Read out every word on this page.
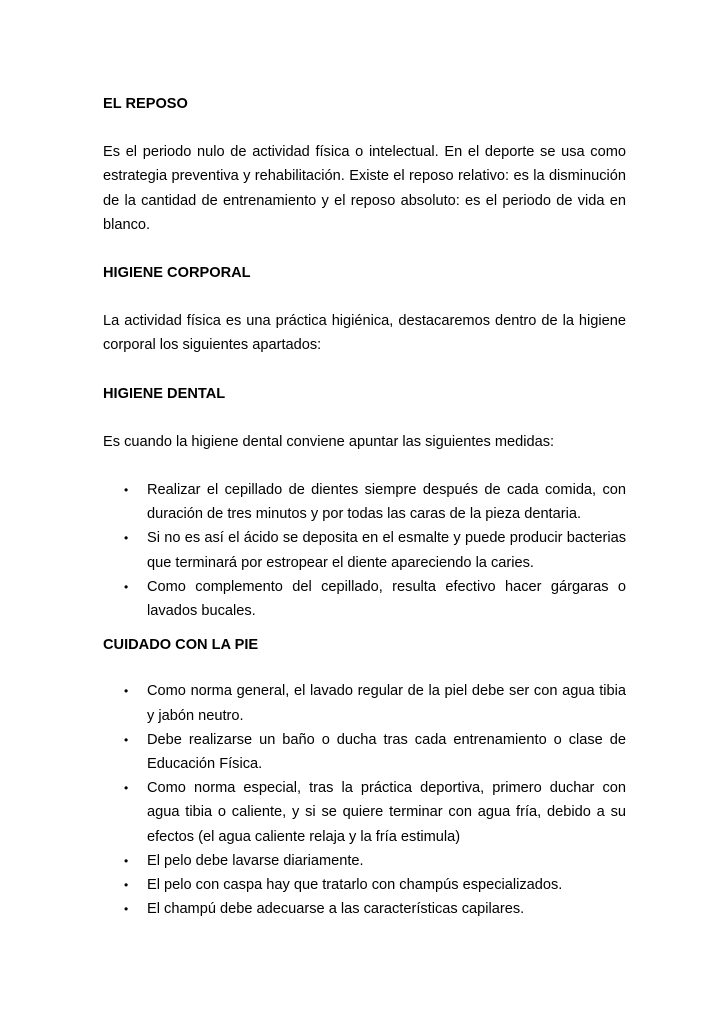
EL REPOSO

Es el periodo nulo de actividad física o intelectual. En el deporte se usa como estrategia preventiva y rehabilitación. Existe el reposo relativo: es la disminución de la cantidad de entrenamiento y el reposo absoluto: es el periodo de vida en blanco.

HIGIENE CORPORAL

La actividad física es una práctica higiénica, destacaremos dentro de la higiene corporal los siguientes apartados:

HIGIENE DENTAL

Es cuando la higiene dental conviene apuntar las siguientes medidas:

• Realizar el cepillado de dientes siempre después de cada comida, con duración de tres minutos y por todas las caras de la pieza dentaria.
• Si no es así el ácido se deposita en el esmalte y puede producir bacterias que terminará por estropear el diente apareciendo la caries.
• Como complemento del cepillado, resulta efectivo hacer gárgaras o lavados bucales.
CUIDADO CON LA PIE
• Como norma general, el lavado regular de la piel debe ser con agua tibia y jabón neutro.
• Debe realizarse un baño o ducha tras cada entrenamiento o clase de Educación Física.
• Como norma especial, tras la práctica deportiva, primero duchar con agua tibia o caliente, y si se quiere terminar con agua fría, debido a su efectos (el agua caliente relaja y la fría estimula)
• El pelo debe lavarse diariamente.
• El pelo con caspa hay que tratarlo con champús especializados.
• El champú debe adecuarse a las características capilares.
